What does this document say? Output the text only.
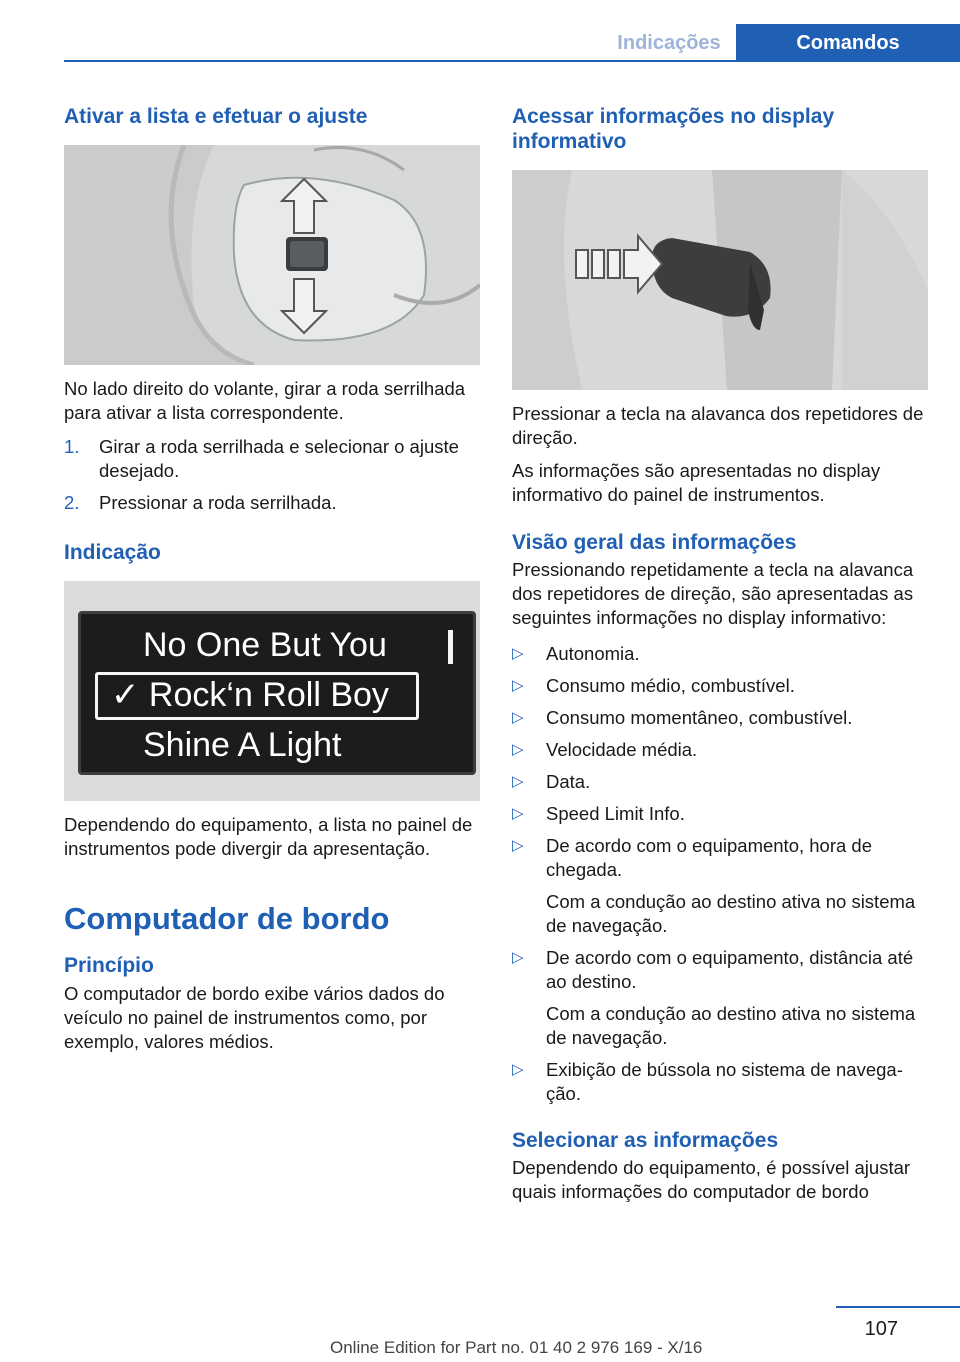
Indicações	Comandos
Ativar a lista e efetuar o ajuste

No lado direito do volante, girar a roda serrilhada para ativar a lista correspondente.

1. Girar a roda serrilhada e selecionar o ajuste desejado.
2. Pressionar a roda serrilhada.
Indicação
No One But You
✓ Rock‘n Roll Boy
Shine A Light

Dependendo do equipamento, a lista no painel de instrumentos pode divergir da apresentação.

Computador de bordo
Princípio

O computador de bordo exibe vários dados do veículo no painel de instrumentos como, por exemplo, valores médios.

Acessar informações no display informativo

Pressionar a tecla na alavanca dos repetidores de direção.

As informações são apresentadas no display informativo do painel de instrumentos.

Visão geral das informações

Pressionando repetidamente a tecla na alavanca dos repetidores de direção, são apresentadas as seguintes informações no display informativo:

▷ Autonomia.
▷ Consumo médio, combustível.
▷ Consumo momentâneo, combustível.
▷ Velocidade média.
▷ Data.
▷ Speed Limit Info.
▷ De acordo com o equipamento, hora de chegada.
Com a condução ao destino ativa no sistema de navegação.
▷ De acordo com o equipamento, distância até ao destino.
Com a condução ao destino ativa no sistema de navegação.
▷ Exibição de bússola no sistema de navegação.
Selecionar as informações

Dependendo do equipamento, é possível ajustar quais informações do computador de bordo

107
Online Edition for Part no. 01 40 2 976 169 - X/16
